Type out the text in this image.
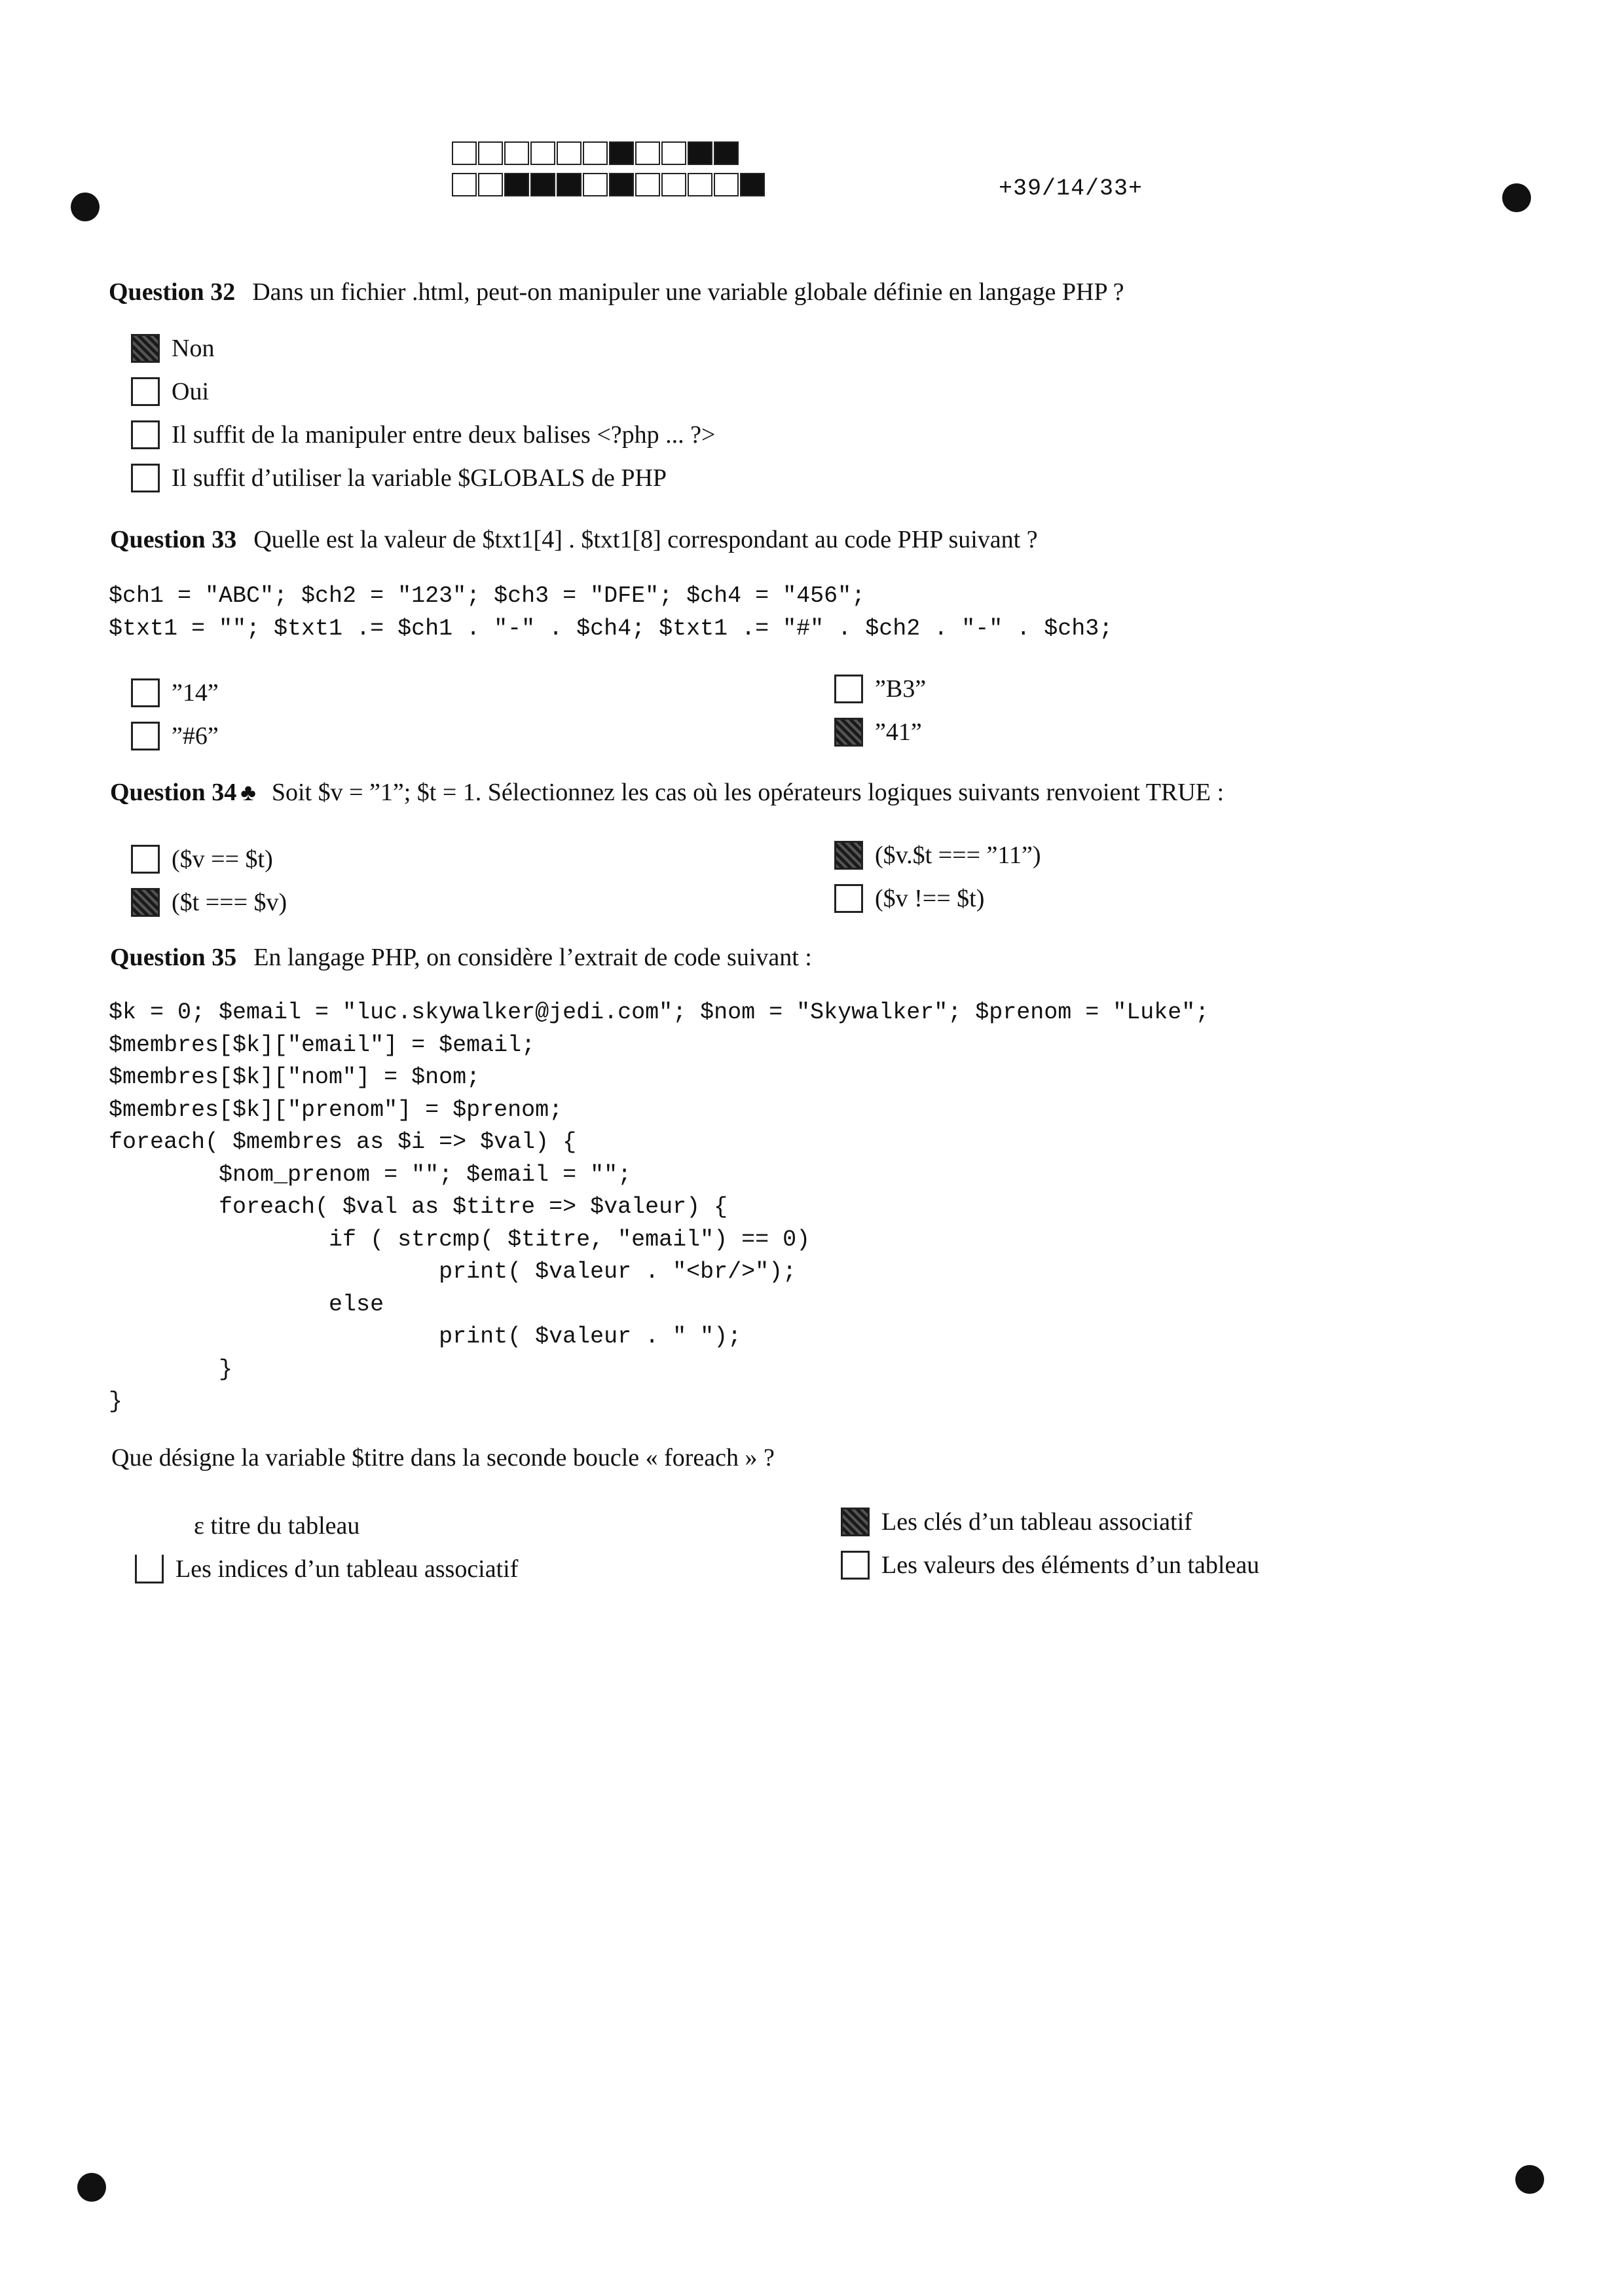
+39/14/33+
Question 32 Dans un fichier .html, peut-on manipuler une variable globale définie en langage PHP ?
Non
Oui
Il suffit de la manipuler entre deux balises <?php ... ?>
Il suffit d’utiliser la variable $GLOBALS de PHP
Question 33 Quelle est la valeur de $txt1[4] . $txt1[8] correspondant au code PHP suivant ?
$ch1 = "ABC"; $ch2 = "123"; $ch3 = "DFE"; $ch4 = "456";
$txt1 = ""; $txt1 .= $ch1 . "-" . $ch4; $txt1 .= "#" . $ch2 . "-" . $ch3;
”14”	”B3”
”#6”	”41”
Question 34 ♣ Soit $v = ”1”; $t = 1. Sélectionnez les cas où les opérateurs logiques suivants renvoient TRUE :
($v == $t)	($v.$t === ”11”)
($t === $v)	($v !== $t)
Question 35 En langage PHP, on considère l’extrait de code suivant :
$k = 0; $email = "luc.skywalker@jedi.com"; $nom = "Skywalker"; $prenom = "Luke";
$membres[$k]["email"] = $email;
$membres[$k]["nom"] = $nom;
$membres[$k]["prenom"] = $prenom;
foreach( $membres as $i => $val) {
$nom_prenom = ""; $email = "";
foreach( $val as $titre => $valeur) {
if ( strcmp( $titre, "email") == 0)
print( $valeur . "<br/>");
else
print( $valeur . " ");
}
}
Que désigne la variable $titre dans la seconde boucle « foreach » ?
ε titre du tableau	Les clés d’un tableau associatif
Les indices d’un tableau associatif	Les valeurs des éléments d’un tableau
